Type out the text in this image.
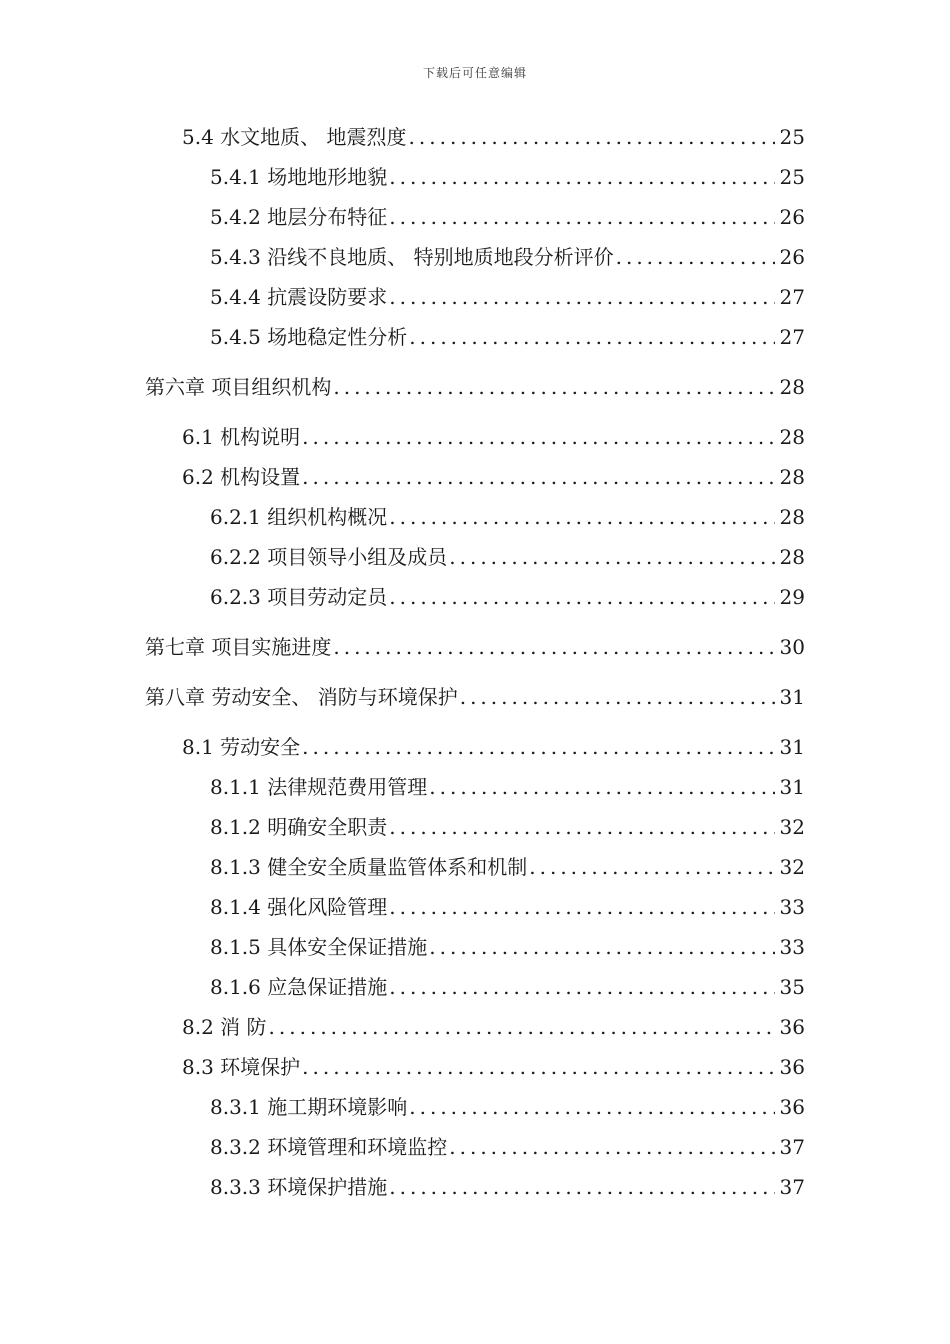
下载后可任意编辑
5.4 水文地质、 地震烈度 .....	25
5.4.1 场地地形地貌 .....	25
5.4.2 地层分布特征 .....	26
5.4.3 沿线不良地质、 特别地质地段分析评价 .....	26
5.4.4 抗震设防要求 .....	27
5.4.5 场地稳定性分析 .....	27
第六章 项目组织机构 .....	28
6.1 机构说明 .....	28
6.2 机构设置 .....	28
6.2.1 组织机构概况 .....	28
6.2.2 项目领导小组及成员 .....	28
6.2.3 项目劳动定员 .....	29
第七章 项目实施进度 .....	30
第八章 劳动安全、 消防与环境保护 .....	31
8.1 劳动安全 .....	31
8.1.1 法律规范费用管理 .....	31
8.1.2 明确安全职责 .....	32
8.1.3 健全安全质量监管体系和机制 .....	32
8.1.4 强化风险管理 .....	33
8.1.5 具体安全保证措施 .....	33
8.1.6 应急保证措施 .....	35
8.2 消 防 .....	36
8.3 环境保护 .....	36
8.3.1 施工期环境影响 .....	36
8.3.2 环境管理和环境监控 .....	37
8.3.3 环境保护措施 .....	37
